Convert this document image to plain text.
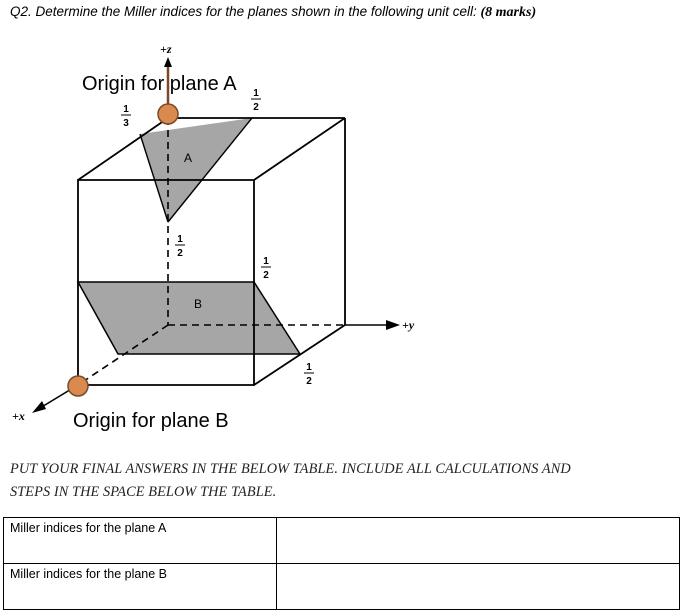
Q2. Determine the Miller indices for the planes shown in the following unit cell: (8 marks)
+y
+x
+z
Origin for plane A
Origin for plane B
A
B
1
3
1
2
1
2
1
2
1
2
PUT YOUR FINAL ANSWERS IN THE BELOW TABLE. INCLUDE ALL CALCULATIONS AND
STEPS IN THE SPACE BELOW THE TABLE.
Miller indices for the plane A	
Miller indices for the plane B	
